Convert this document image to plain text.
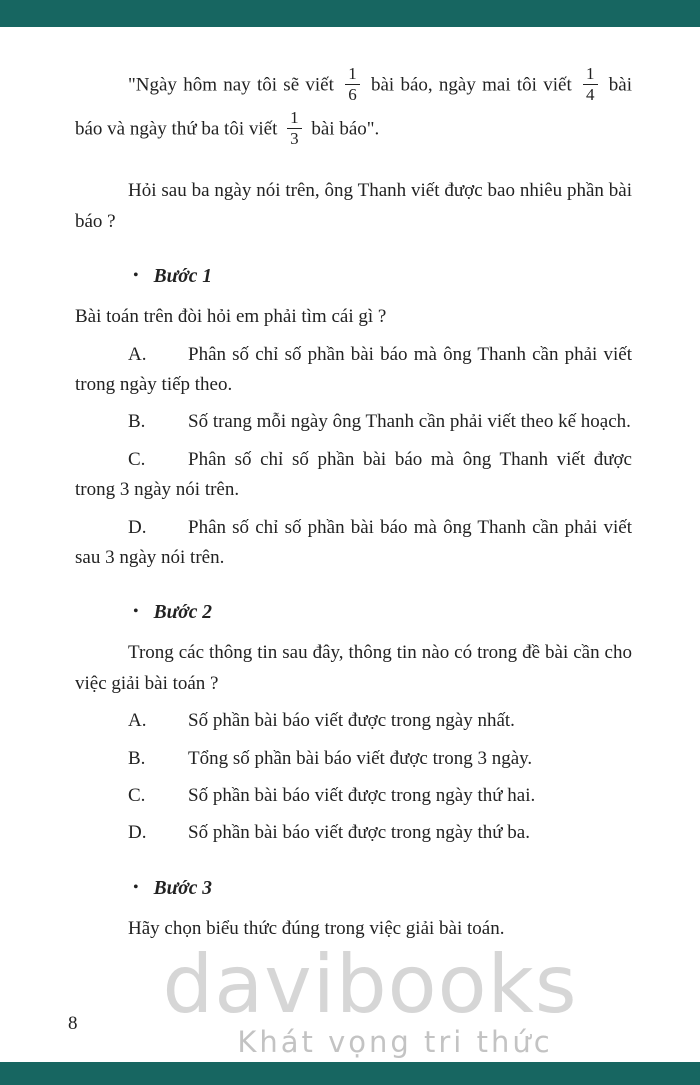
davibooks
Khát vọng tri thức

"Ngày hôm nay tôi sẽ viết $\frac{1}{6}$ bài báo, ngày mai tôi viết $\frac{1}{4}$ bài báo và ngày thứ ba tôi viết $\frac{1}{3}$ bài báo".

Hỏi sau ba ngày nói trên, ông Thanh viết được bao nhiêu phần bài báo ?

• Bước 1

Bài toán trên đòi hỏi em phải tìm cái gì ?

A. Phân số chỉ số phần bài báo mà ông Thanh cần phải viết trong ngày tiếp theo.

B. Số trang mỗi ngày ông Thanh cần phải viết theo kế hoạch.

C. Phân số chỉ số phần bài báo mà ông Thanh viết được trong 3 ngày nói trên.

D. Phân số chỉ số phần bài báo mà ông Thanh cần phải viết sau 3 ngày nói trên.

• Bước 2

Trong các thông tin sau đây, thông tin nào có trong đề bài cần cho việc giải bài toán ?

A. Số phần bài báo viết được trong ngày nhất.

B. Tổng số phần bài báo viết được trong 3 ngày.

C. Số phần bài báo viết được trong ngày thứ hai.

D. Số phần bài báo viết được trong ngày thứ ba.

• Bước 3

Hãy chọn biểu thức đúng trong việc giải bài toán.

8
